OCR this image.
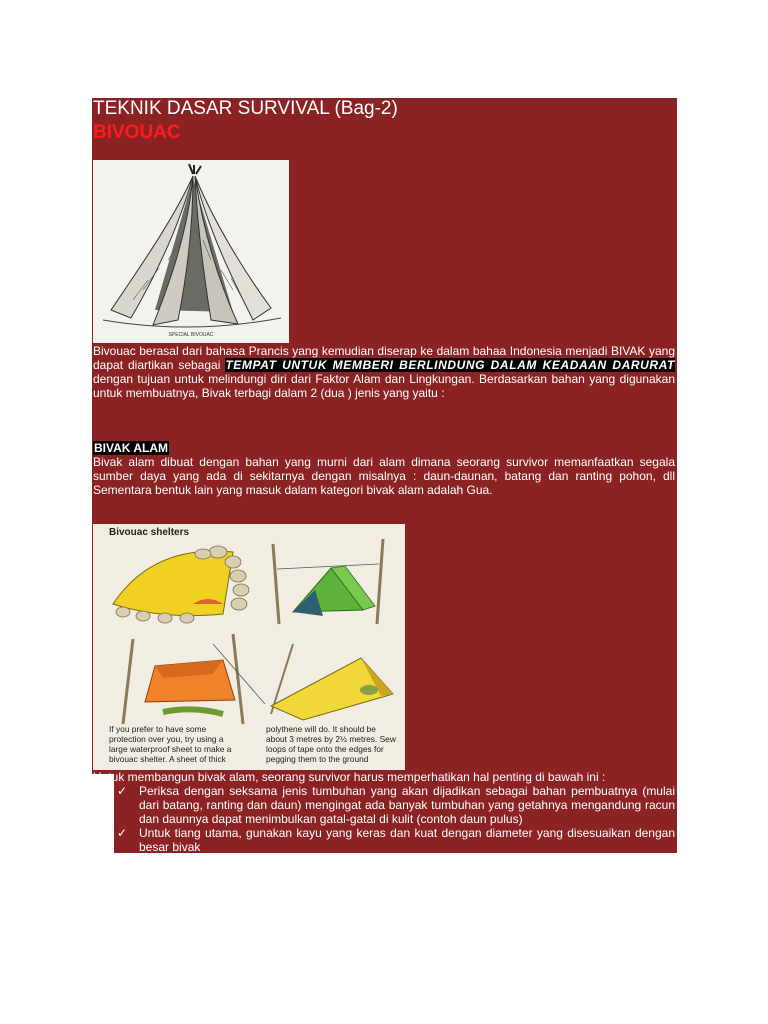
TEKNIK DASAR SURVIVAL (Bag-2)
BIVOUAC
SPECIAL BIVOUAC
Bivouac berasal dari bahasa Prancis yang kemudian diserap ke dalam bahaa Indonesia menjadi BIVAK yang dapat diartikan sebagai TEMPAT UNTUK MEMBERI BERLINDUNG DALAM KEADAAN DARURAT dengan tujuan untuk melindungi diri dari Faktor Alam dan Lingkungan. Berdasarkan bahan yang digunakan untuk membuatnya, Bivak terbagi dalam 2 (dua ) jenis yang yaitu :
BIVAK ALAM
Bivak alam dibuat dengan bahan yang murni dari alam dimana seorang survivor memanfaatkan segala sumber daya yang ada di sekitarnya dengan misalnya : daun-daunan, batang dan ranting pohon, dll Sementara bentuk lain yang masuk dalam kategori bivak alam adalah Gua.
Bivouac shelters
If you prefer to have some
protection over you, try using a
large waterproof sheet to make a
bivouac shelter. A sheet of thick
polythene will do. It should be
about 3 metres by 2½ metres. Sew
loops of tape onto the edges for
pegging them to the ground
Untuk membangun bivak alam, seorang survivor harus memperhatikan hal penting di bawah ini :
✓ Periksa dengan seksama jenis tumbuhan yang akan dijadikan sebagai bahan pembuatnya (mulai dari batang, ranting dan daun) mengingat ada banyak tumbuhan yang getahnya mengandung racun dan daunnya dapat menimbulkan gatal-gatal di kulit (contoh daun pulus)
✓ Untuk tiang utama, gunakan kayu yang keras dan kuat dengan diameter yang disesuaikan dengan besar bivak
